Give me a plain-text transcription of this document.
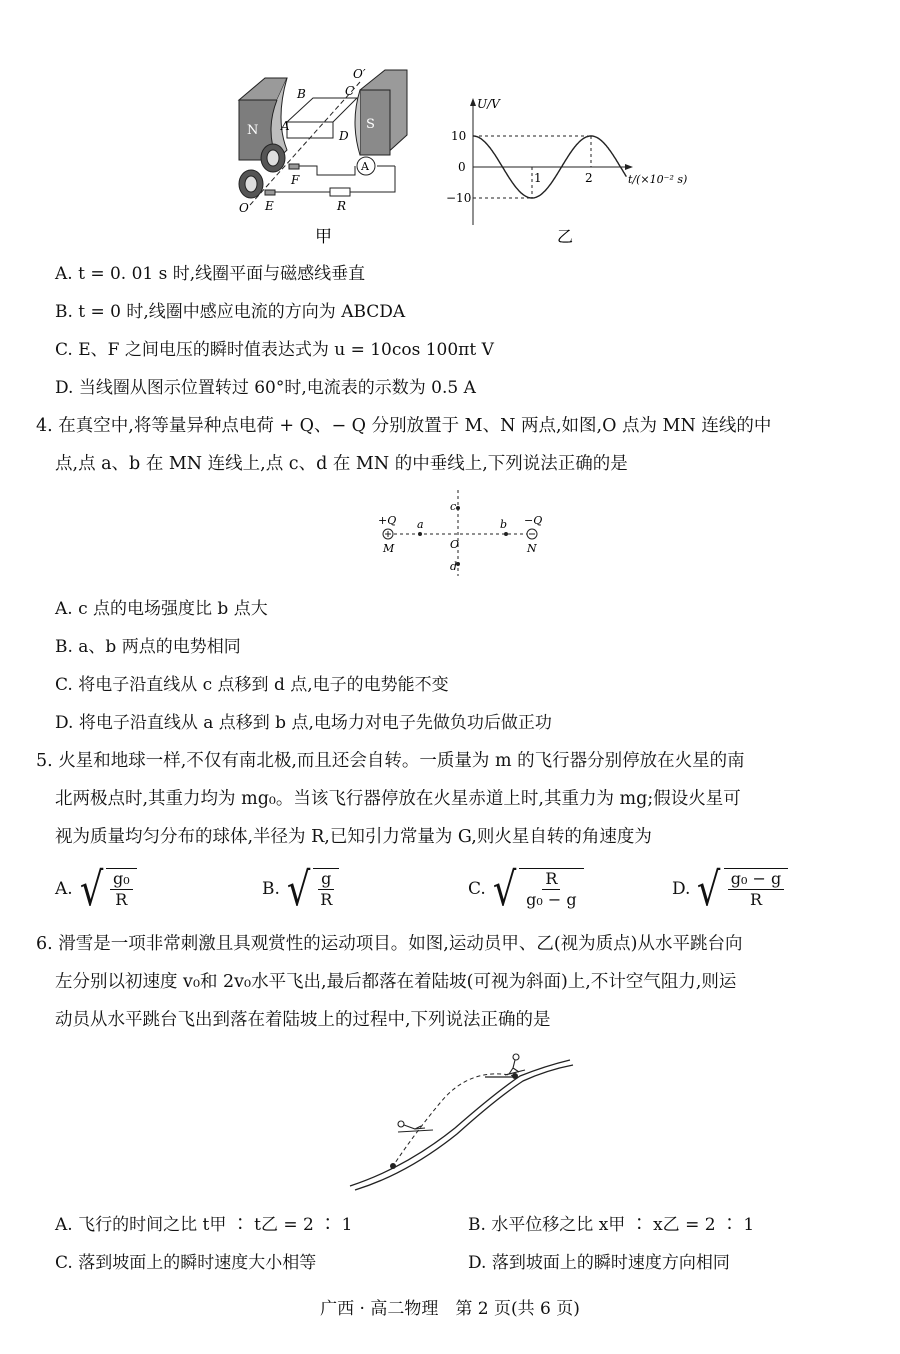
N	S
A
B	C
D
O′
O
F
E
A
R
甲
U/V
t/(×10⁻² s)
10
0
−10
1	2
乙
A. t = 0. 01 s 时,线圈平面与磁感线垂直
B. t = 0 时,线圈中感应电流的方向为 ABCDA
C. E、F 之间电压的瞬时值表达式为 u = 10cos 100πt V
D. 当线圈从图示位置转过 60°时,电流表的示数为 0.5 A
4. 在真空中,将等量异种点电荷 + Q、− Q 分别放置于 M、N 两点,如图,O 点为 MN 连线的中
点,点 a、b 在 MN 连线上,点 c、d 在 MN 的中垂线上,下列说法正确的是
+Q	−Q
M	N
O
a	b
c
d
A. c 点的电场强度比 b 点大
B. a、b 两点的电势相同
C. 将电子沿直线从 c 点移到 d 点,电子的电势能不变
D. 将电子沿直线从 a 点移到 b 点,电场力对电子先做负功后做正功
5. 火星和地球一样,不仅有南北极,而且还会自转。一质量为 m 的飞行器分别停放在火星的南
北两极点时,其重力均为 mg₀。当该飞行器停放在火星赤道上时,其重力为 mg;假设火星可
视为质量均匀分布的球体,半径为 R,已知引力常量为 G,则火星自转的角速度为
A. √ $\frac{\text{g₀}}{R}$	B. √ $\frac{g}{R}$	C. √ $\frac{R}{\text{g₀ − g}}$	D. √ $\frac{\text{g₀ − g}}{R}$
6. 滑雪是一项非常刺激且具观赏性的运动项目。如图,运动员甲、乙(视为质点)从水平跳台向
左分别以初速度 v₀和 2v₀水平飞出,最后都落在着陆坡(可视为斜面)上,不计空气阻力,则运
动员从水平跳台飞出到落在着陆坡上的过程中,下列说法正确的是
A. 飞行的时间之比 t甲 ∶ t乙 = 2 ∶ 1	B. 水平位移之比 x甲 ∶ x乙 = 2 ∶ 1
C. 落到坡面上的瞬时速度大小相等	D. 落到坡面上的瞬时速度方向相同
广西 · 高二物理　第 2 页(共 6 页)
